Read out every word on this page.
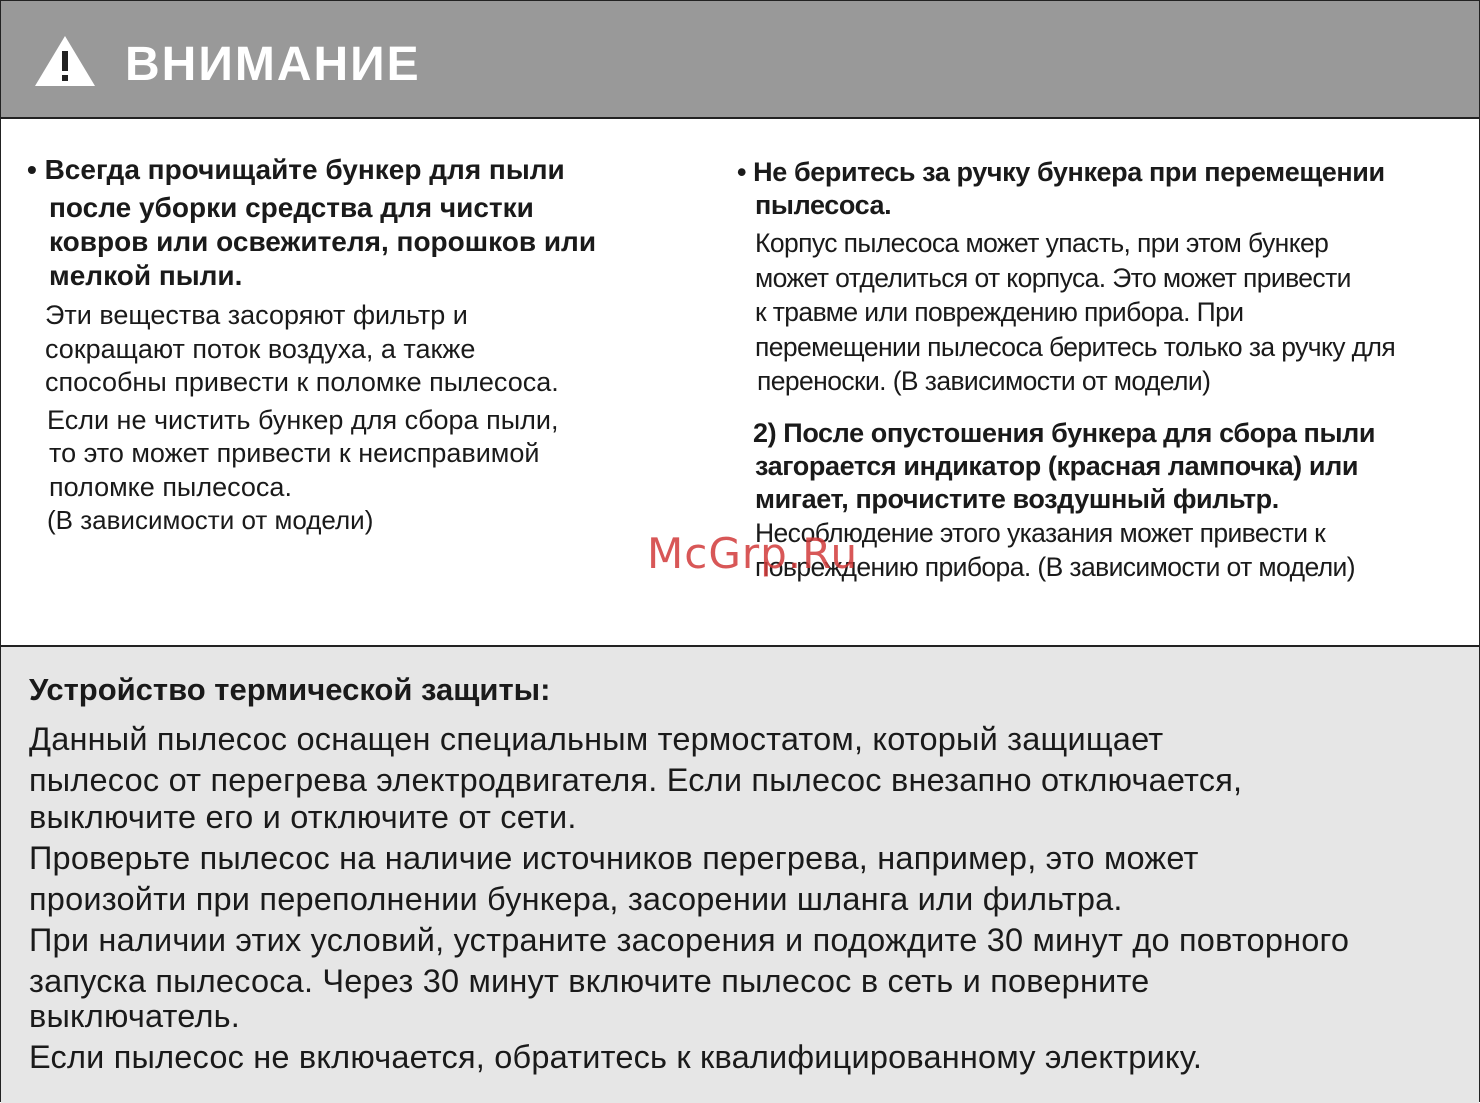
ВНИМАНИЕ
• Всегда прочищайте бункер для пыли
после уборки средства для чистки
ковров или освежителя, порошков или
мелкой пыли.
Эти вещества засоряют фильтр и
сокращают поток воздуха, а также
способны привести к поломке пылесоса.
Если не чистить бункер для сбора пыли,
то это может привести к неисправимой
поломке пылесоса.
(В зависимости от модели)
• Не беритесь за ручку бункера при перемещении
пылесоса.
Корпус пылесоса может упасть, при этом бункер
может отделиться от корпуса. Это может привести
к травме или повреждению прибора. При
перемещении пылесоса беритесь только за ручку для
переноски. (В зависимости от модели)
2) После опустошения бункера для сбора пыли
загорается индикатор (красная лампочка) или
мигает, прочистите воздушный фильтр.
Несоблюдение этого указания может привести к
повреждению прибора. (В зависимости от модели)
McGrp.Ru
Устройство термической защиты:
Данный пылесос оснащен специальным термостатом, который защищает
пылесос от перегрева электродвигателя. Если пылесос внезапно отключается,
выключите его и отключите от сети.
Проверьте пылесос на наличие источников перегрева, например, это может
произойти при переполнении бункера, засорении шланга или фильтра.
При наличии этих условий, устраните засорения и подождите 30 минут до повторного
запуска пылесоса. Через 30 минут включите пылесос в сеть и поверните
выключатель.
Если пылесос не включается, обратитесь к квалифицированному электрику.
